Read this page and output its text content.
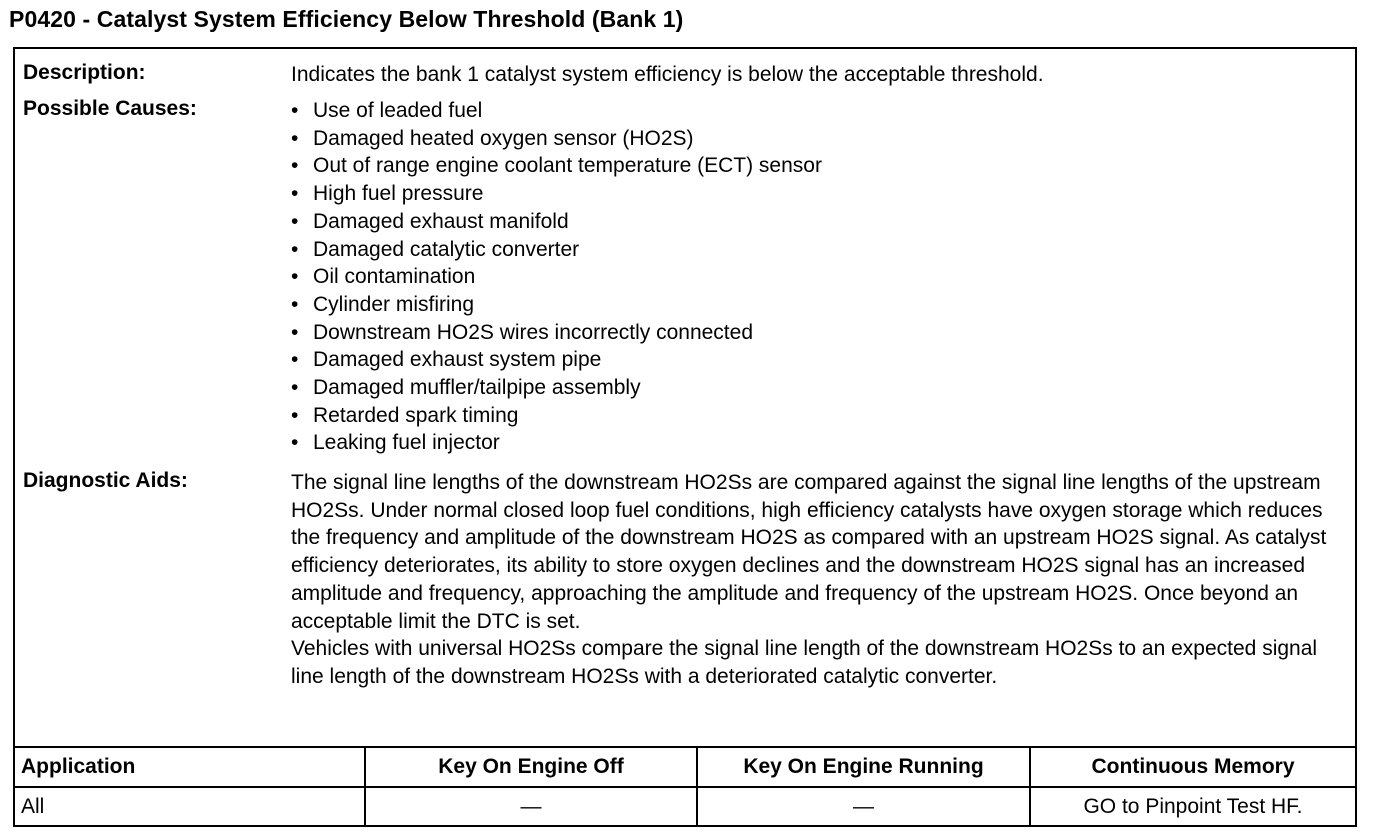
P0420 - Catalyst System Efficiency Below Threshold (Bank 1)
Description:	Indicates the bank 1 catalyst system efficiency is below the acceptable threshold.
Possible Causes:	• Use of leaded fuel
• Damaged heated oxygen sensor (HO2S)
• Out of range engine coolant temperature (ECT) sensor
• High fuel pressure
• Damaged exhaust manifold
• Damaged catalytic converter
• Oil contamination
• Cylinder misfiring
• Downstream HO2S wires incorrectly connected
• Damaged exhaust system pipe
• Damaged muffler/tailpipe assembly
• Retarded spark timing
• Leaking fuel injector
Diagnostic Aids:	The signal line lengths of the downstream HO2Ss are compared against the signal line lengths of the upstream HO2Ss. Under normal closed loop fuel conditions, high efficiency catalysts have oxygen storage which reduces the frequency and amplitude of the downstream HO2S as compared with an upstream HO2S signal. As catalyst efficiency deteriorates, its ability to store oxygen declines and the downstream HO2S signal has an increased amplitude and frequency, approaching the amplitude and frequency of the upstream HO2S. Once beyond an acceptable limit the DTC is set.

Vehicles with universal HO2Ss compare the signal line length of the downstream HO2Ss to an expected signal line length of the downstream HO2Ss with a deteriorated catalytic converter.

Application	Key On Engine Off	Key On Engine Running	Continuous Memory
All	—	—	GO to Pinpoint Test HF.
